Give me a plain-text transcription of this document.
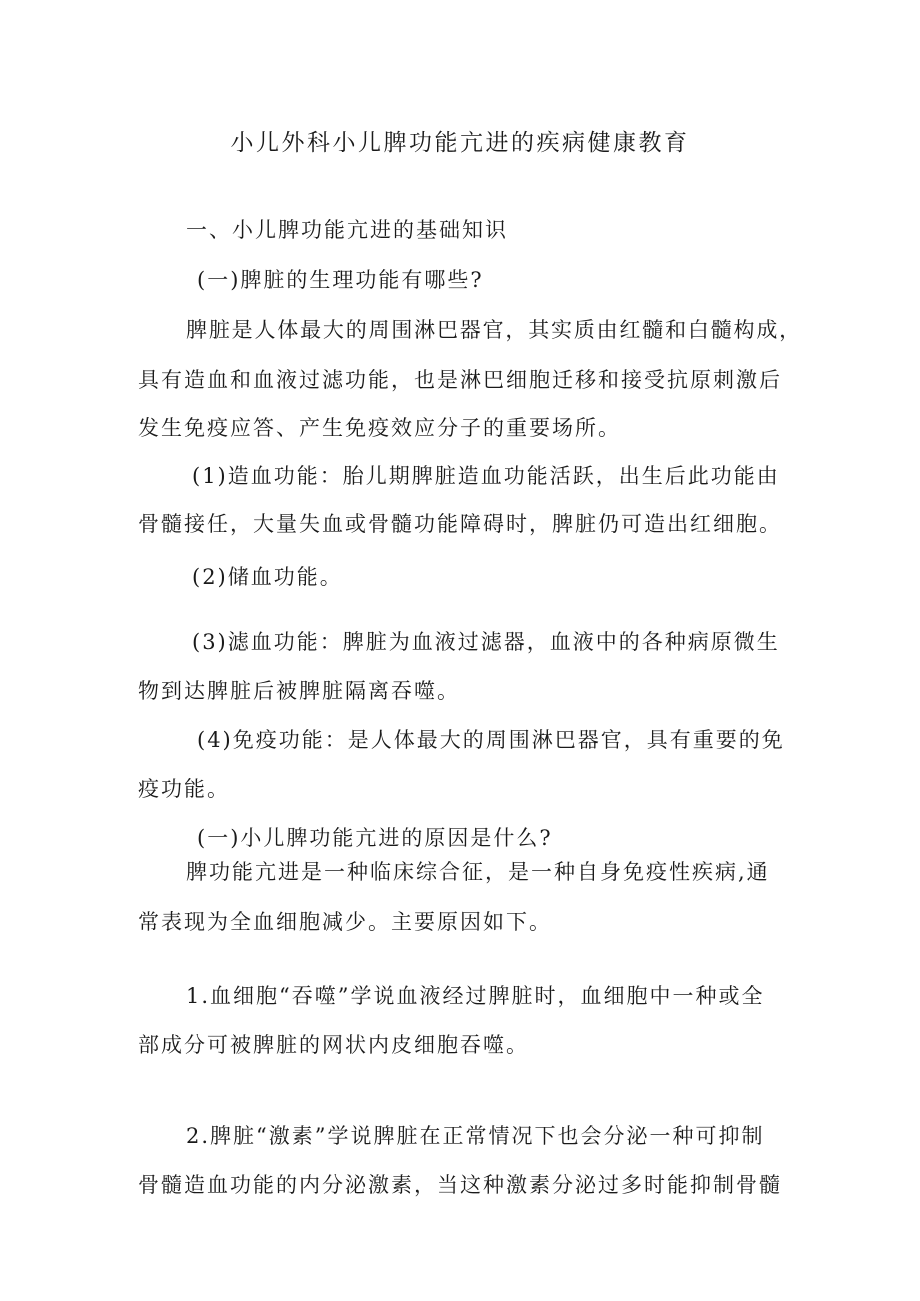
小儿外科小儿脾功能亢进的疾病健康教育
一、小儿脾功能亢进的基础知识
(一)脾脏的生理功能有哪些?
脾脏是人体最大的周围淋巴器官，其实质由红髓和白髓构成，
具有造血和血液过滤功能，也是淋巴细胞迁移和接受抗原刺激后
发生免疫应答、产生免疫效应分子的重要场所。
(1)造血功能：胎儿期脾脏造血功能活跃，出生后此功能由
骨髓接任，大量失血或骨髓功能障碍时，脾脏仍可造出红细胞。
(2)储血功能。
(3)滤血功能：脾脏为血液过滤器，血液中的各种病原微生
物到达脾脏后被脾脏隔离吞噬。
(4)免疫功能：是人体最大的周围淋巴器官，具有重要的免
疫功能。
(一)小儿脾功能亢进的原因是什么?
脾功能亢进是一种临床综合征，是一种自身免疫性疾病,通
常表现为全血细胞减少。主要原因如下。
1.血细胞“吞噬”学说血液经过脾脏时，血细胞中一种或全
部成分可被脾脏的网状内皮细胞吞噬。
2.脾脏“激素”学说脾脏在正常情况下也会分泌一种可抑制
骨髓造血功能的内分泌激素，当这种激素分泌过多时能抑制骨髓
